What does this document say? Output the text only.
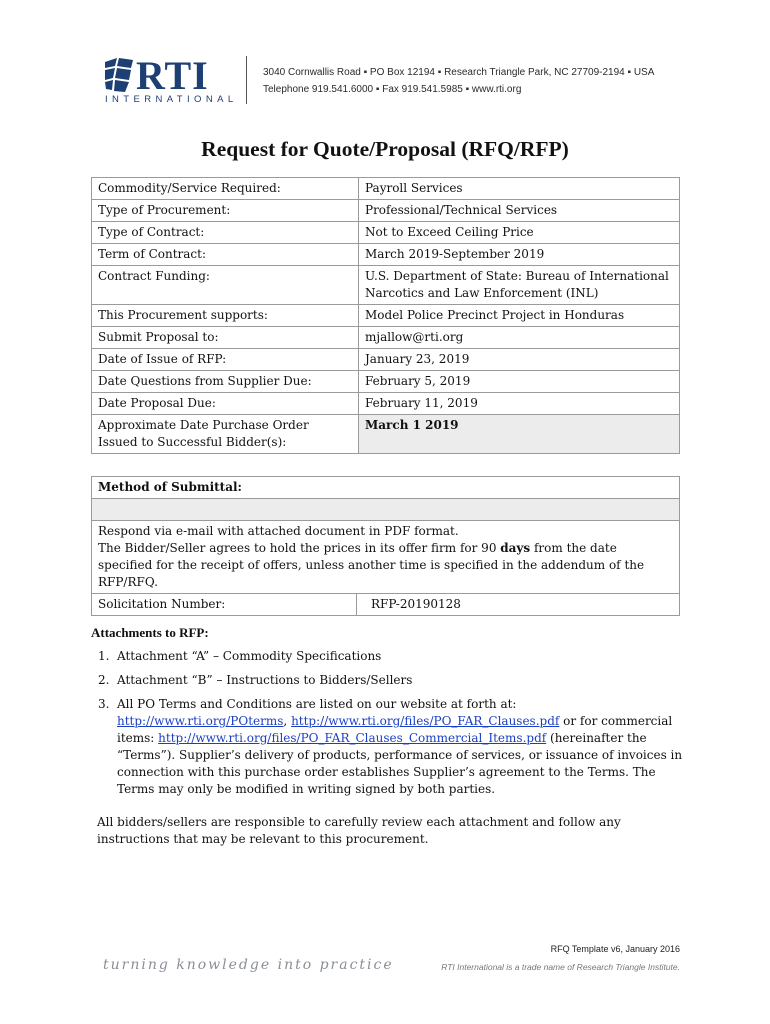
RTI
INTERNATIONAL
3040 Cornwallis Road ▪ PO Box 12194 ▪ Research Triangle Park, NC 27709-2194 ▪ USA
Telephone 919.541.6000 ▪ Fax 919.541.5985 ▪ www.rti.org
Request for Quote/Proposal (RFQ/RFP)
Commodity/Service Required:	Payroll Services
Type of Procurement:	Professional/Technical Services
Type of Contract:	Not to Exceed Ceiling Price
Term of Contract:	March 2019-September 2019
Contract Funding:	U.S. Department of State: Bureau of International Narcotics and Law Enforcement (INL)
This Procurement supports:	Model Police Precinct Project in Honduras
Submit Proposal to:	mjallow@rti.org
Date of Issue of RFP:	January 23, 2019
Date Questions from Supplier Due:	February 5, 2019
Date Proposal Due:	February 11, 2019
Approximate Date Purchase Order Issued to Successful Bidder(s):	March 1 2019
Method of Submittal:

Respond via e-mail with attached document in PDF format.
The Bidder/Seller agrees to hold the prices in its offer firm for 90 days from the date specified for the receipt of offers, unless another time is specified in the addendum of the RFP/RFQ.

Solicitation Number:	RFP-20190128
Attachments to RFP:
1. Attachment “A” – Commodity Specifications
2. Attachment “B” – Instructions to Bidders/Sellers
3. All PO Terms and Conditions are listed on our website at forth at: http://www.rti.org/POterms, http://www.rti.org/files/PO_FAR_Clauses.pdf or for commercial items: http://www.rti.org/files/PO_FAR_Clauses_Commercial_Items.pdf (hereinafter the “Terms”). Supplier’s delivery of products, performance of services, or issuance of invoices in connection with this purchase order establishes Supplier’s agreement to the Terms. The Terms may only be modified in writing signed by both parties.
All bidders/sellers are responsible to carefully review each attachment and follow any instructions that may be relevant to this procurement.
RFQ Template v6, January 2016
turning knowledge into practice	RTI International is a trade name of Research Triangle Institute.
